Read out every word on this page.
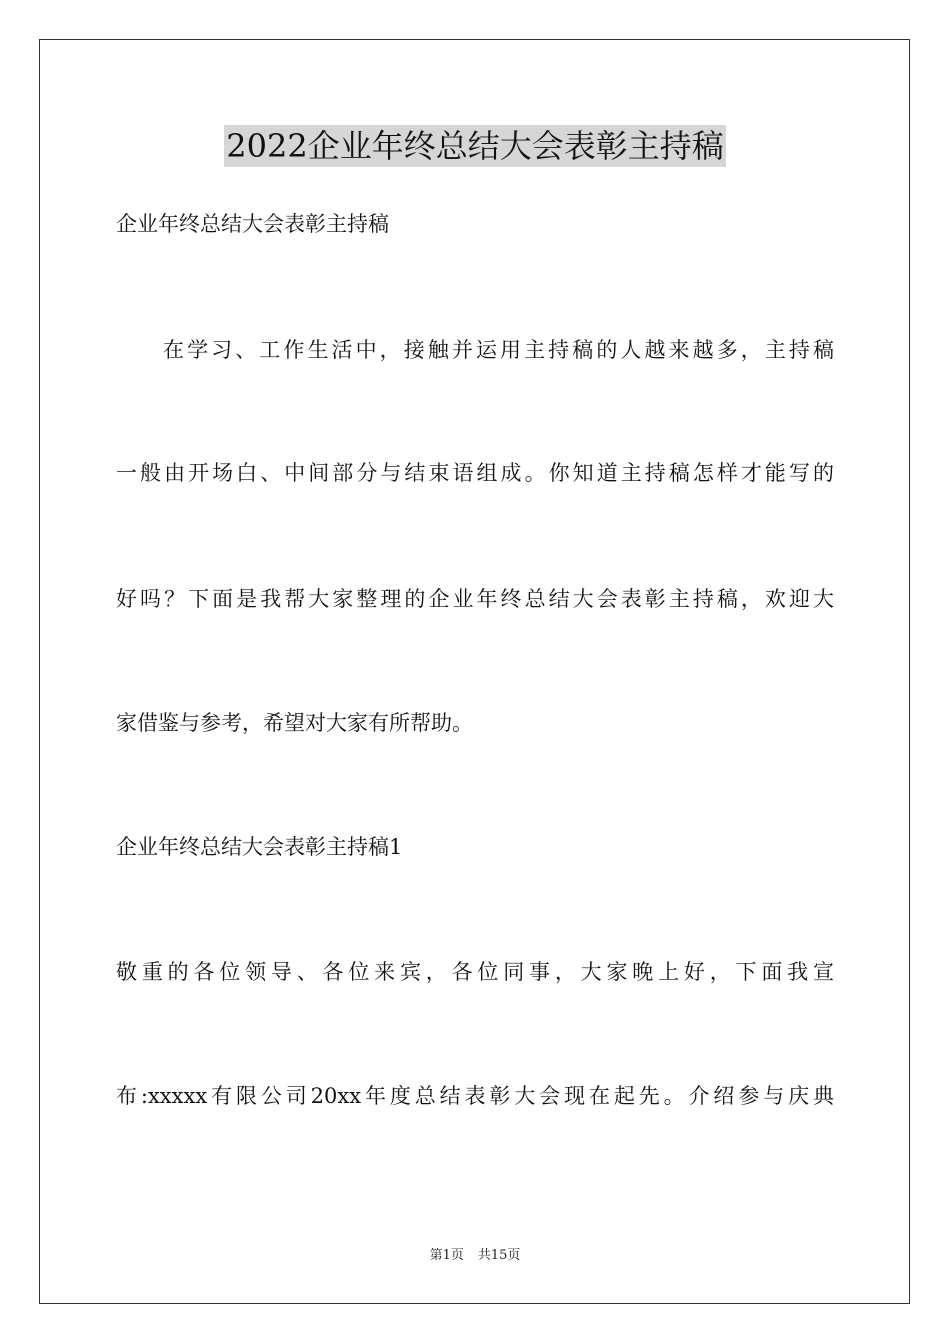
2022企业年终总结大会表彰主持稿
企业年终总结大会表彰主持稿
在学习、工作生活中，接触并运用主持稿的人越来越多，主持稿
一般由开场白、中间部分与结束语组成。你知道主持稿怎样才能写的
好吗？下面是我帮大家整理的企业年终总结大会表彰主持稿，欢迎大
家借鉴与参考，希望对大家有所帮助。
企业年终总结大会表彰主持稿1
敬重的各位领导、各位来宾，各位同事，大家晚上好，下面我宣
布:xxxxx有限公司20xx年度总结表彰大会现在起先。介绍参与庆典
第1页 共15页
